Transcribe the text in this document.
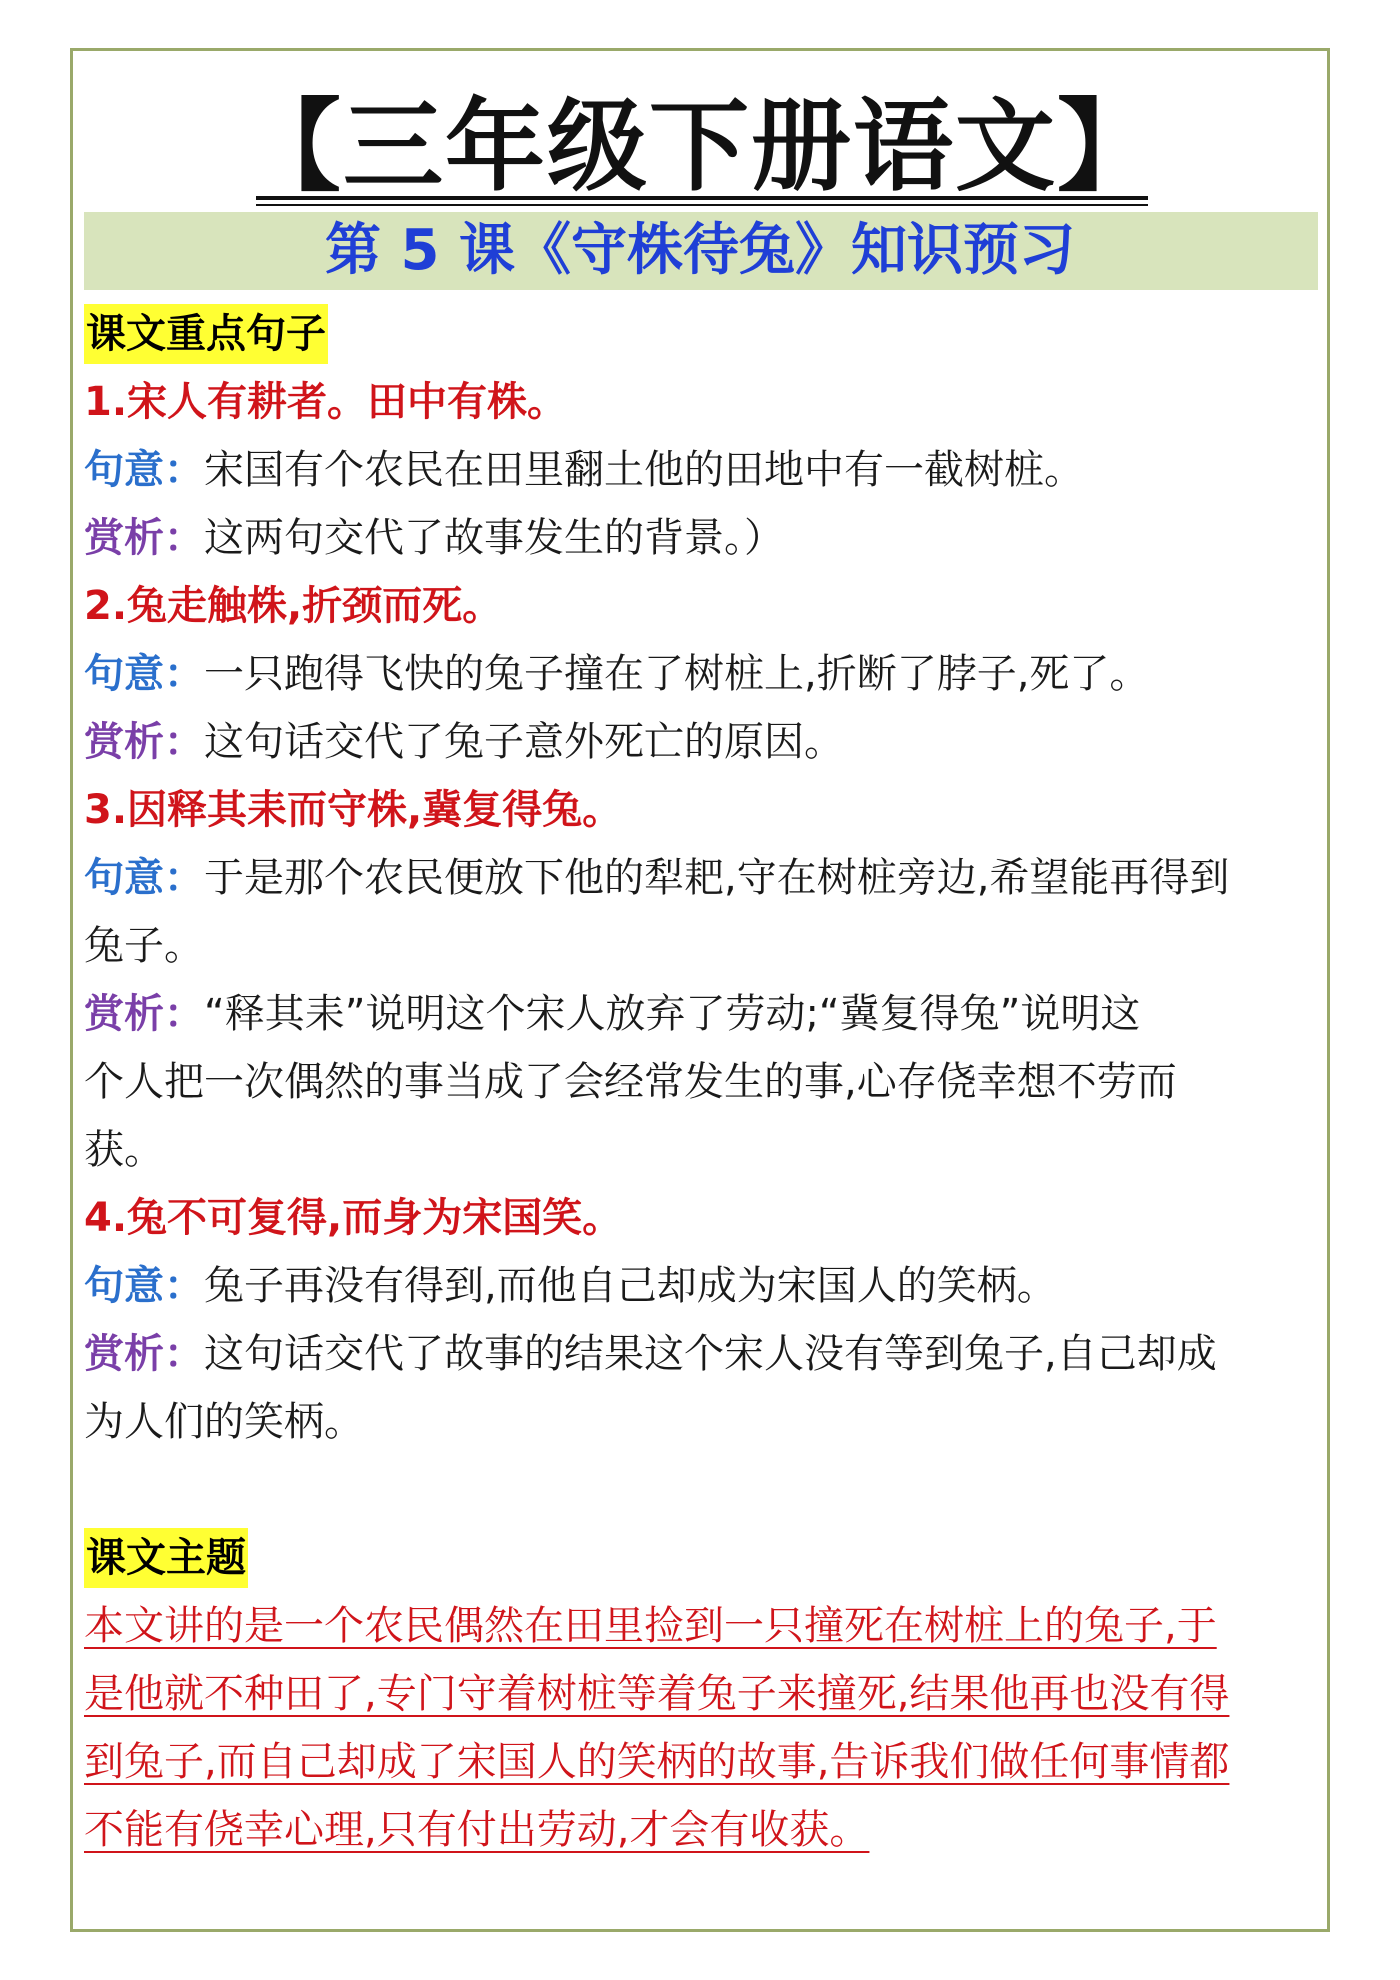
【三年级下册语文】
第 5 课《守株待兔》知识预习
课文重点句子
1.宋人有耕者。田中有株。
句意：宋国有个农民在田里翻土他的田地中有一截树桩。
赏析：这两句交代了故事发生的背景。）
2.兔走触株,折颈而死。
句意：一只跑得飞快的兔子撞在了树桩上,折断了脖子,死了。
赏析：这句话交代了兔子意外死亡的原因。
3.因释其耒而守株,冀复得兔。
句意：于是那个农民便放下他的犁耙,守在树桩旁边,希望能再得到
兔子。
赏析：“释其耒”说明这个宋人放弃了劳动;“冀复得兔”说明这
个人把一次偶然的事当成了会经常发生的事,心存侥幸想不劳而
获。
4.兔不可复得,而身为宋国笑。
句意：兔子再没有得到,而他自己却成为宋国人的笑柄。
赏析：这句话交代了故事的结果这个宋人没有等到兔子,自己却成
为人们的笑柄。
课文主题
本文讲的是一个农民偶然在田里捡到一只撞死在树桩上的兔子,于
是他就不种田了,专门守着树桩等着兔子来撞死,结果他再也没有得
到兔子,而自己却成了宋国人的笑柄的故事,告诉我们做任何事情都
不能有侥幸心理,只有付出劳动,才会有收获。
